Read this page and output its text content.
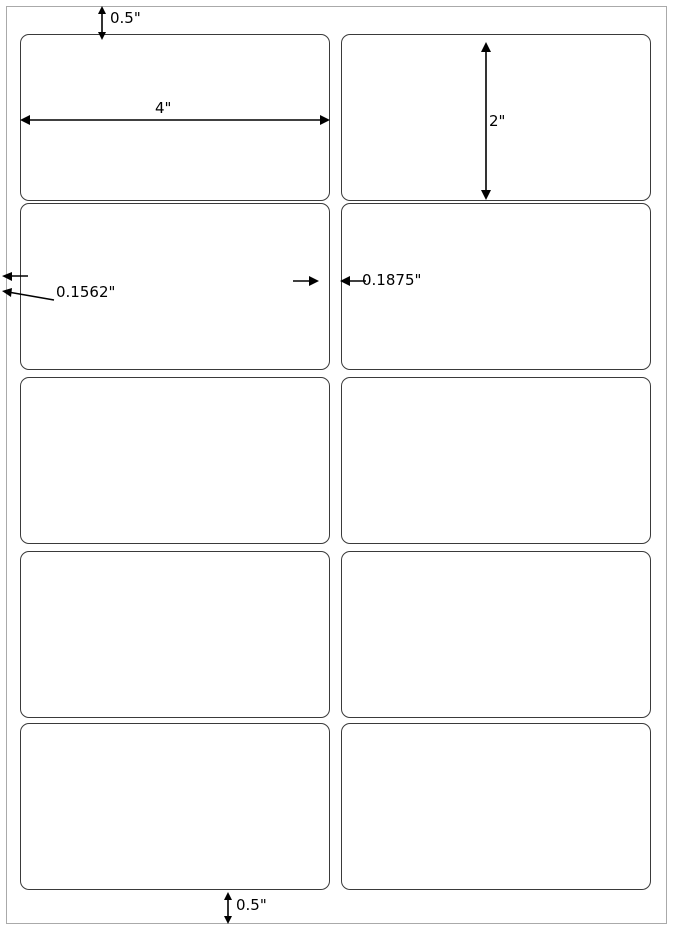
0.5"
4"
2"
0.1562"
0.1875"
0.5"
